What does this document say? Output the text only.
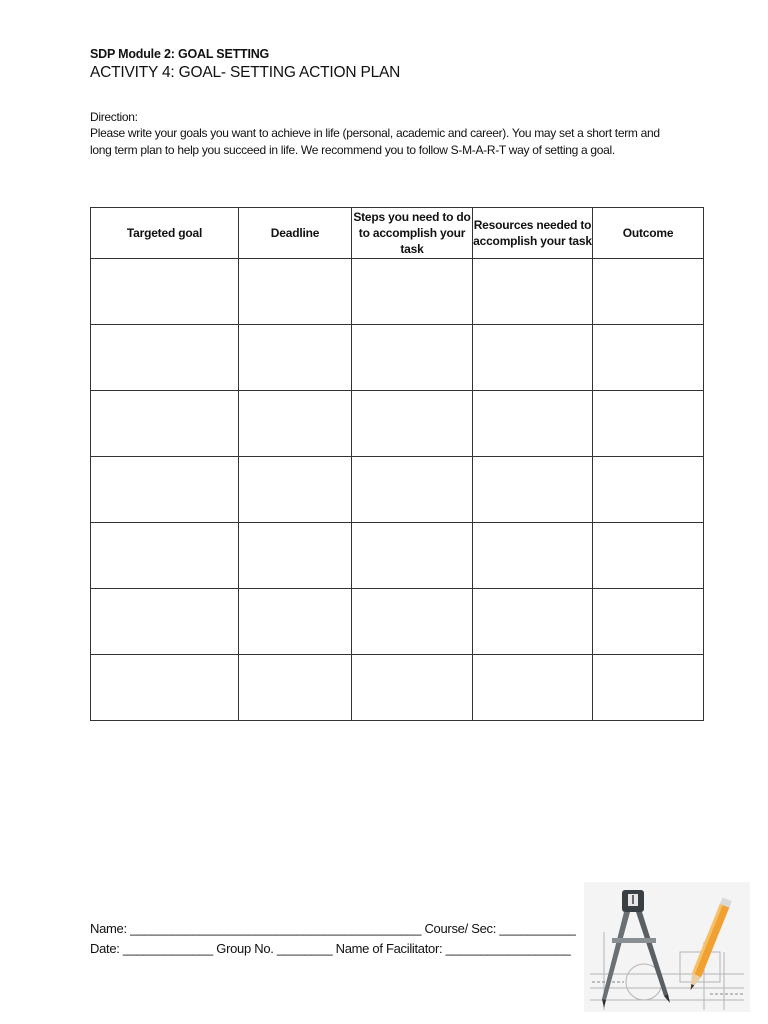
SDP Module 2: GOAL SETTING
ACTIVITY 4: GOAL- SETTING ACTION PLAN
Direction:
Please write your goals you want to achieve in life (personal, academic and career). You may set a short term and long term plan to help you succeed in life. We recommend you to follow S-M-A-R-T way of setting a goal.
Targeted goal	Deadline	Steps you need to do to accomplish your task	Resources needed to accomplish your task	Outcome

Name: __________________________________________ Course/ Sec: ___________
Date: _____________ Group No. ________ Name of Facilitator: __________________
